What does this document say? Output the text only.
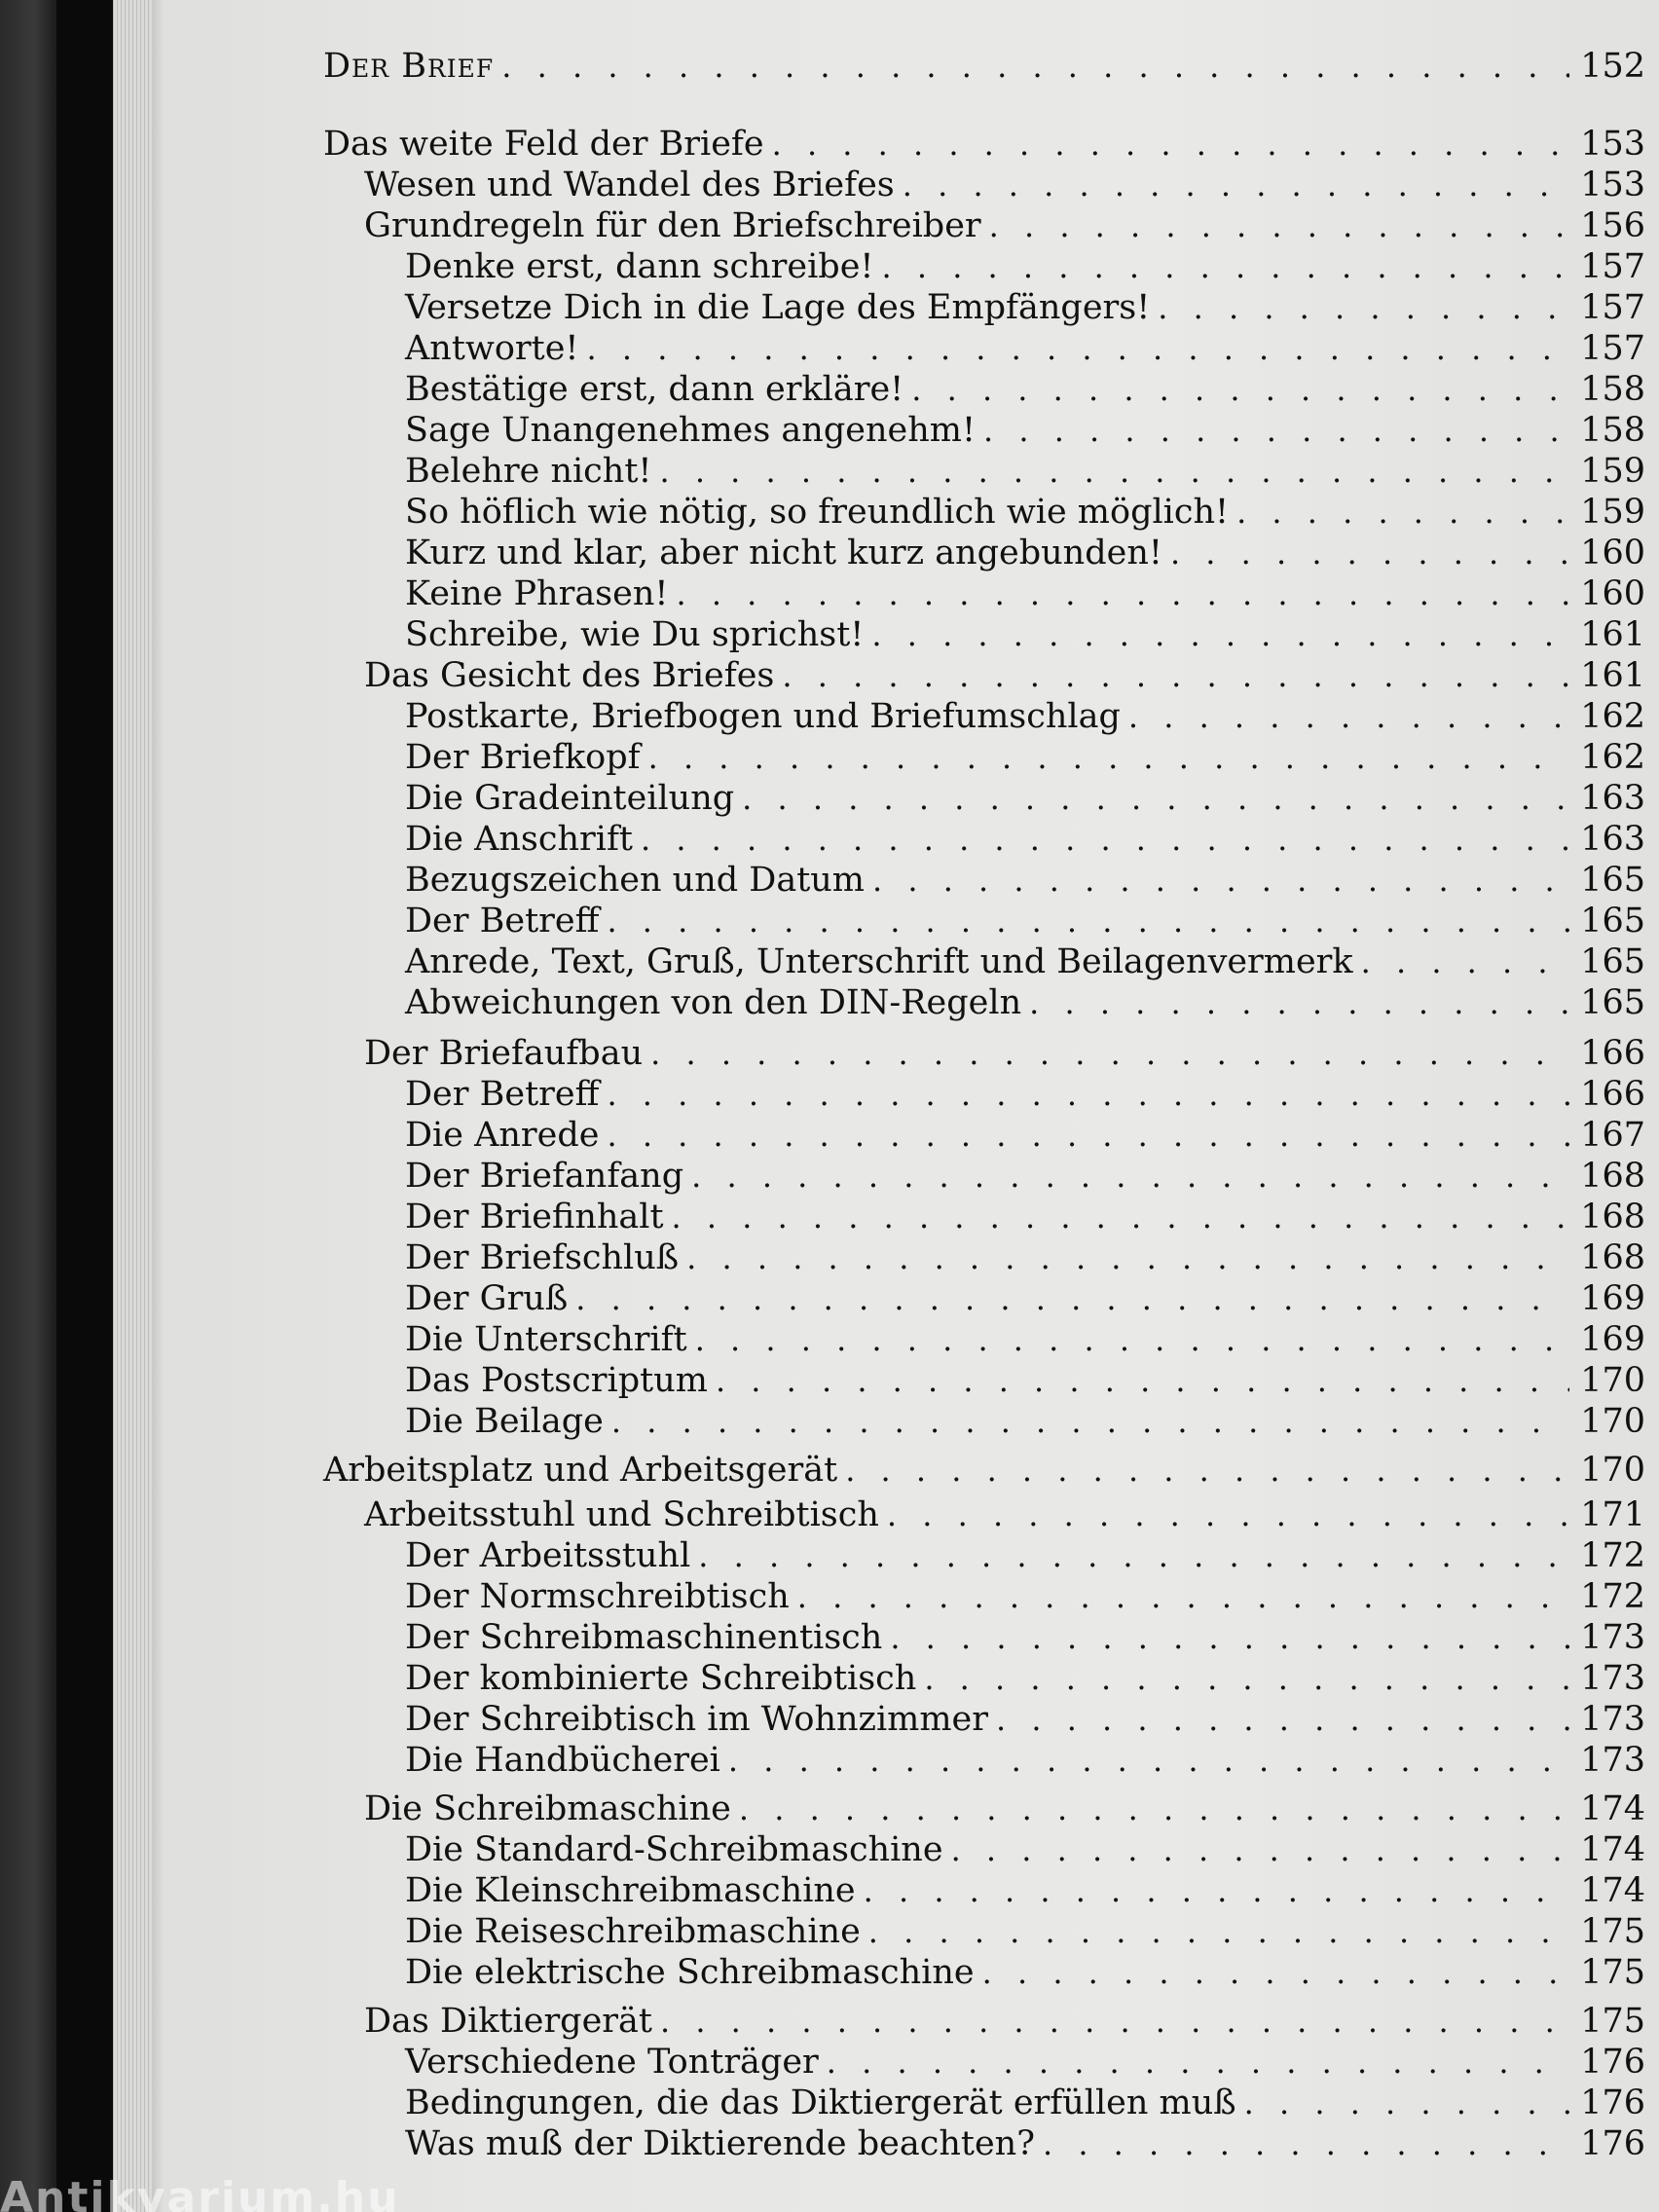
Der Brief . . .	152
Das weite Feld der Briefe . . .	153
Wesen und Wandel des Briefes . . .	153
Grundregeln für den Briefschreiber . . .	156
Denke erst, dann schreibe! . . .	157
Versetze Dich in die Lage des Empfängers! . . .	157
Antworte! . . .	157
Bestätige erst, dann erkläre! . . .	158
Sage Unangenehmes angenehm! . . .	158
Belehre nicht! . . .	159
So höflich wie nötig, so freundlich wie möglich! . . .	159
Kurz und klar, aber nicht kurz angebunden! . . .	160
Keine Phrasen! . . .	160
Schreibe, wie Du sprichst! . . .	161
Das Gesicht des Briefes . . .	161
Postkarte, Briefbogen und Briefumschlag . . .	162
Der Briefkopf . . .	162
Die Gradeinteilung . . .	163
Die Anschrift . . .	163
Bezugszeichen und Datum . . .	165
Der Betreff . . .	165
Anrede, Text, Gruß, Unterschrift und Beilagenvermerk . . .	165
Abweichungen von den DIN-Regeln . . .	165
Der Briefaufbau . . .	166
Der Betreff . . .	166
Die Anrede . . .	167
Der Briefanfang . . .	168
Der Briefinhalt . . .	168
Der Briefschluß . . .	168
Der Gruß . . .	169
Die Unterschrift . . .	169
Das Postscriptum . . .	170
Die Beilage . . .	170
Arbeitsplatz und Arbeitsgerät . . .	170
Arbeitsstuhl und Schreibtisch . . .	171
Der Arbeitsstuhl . . .	172
Der Normschreibtisch . . .	172
Der Schreibmaschinentisch . . .	173
Der kombinierte Schreibtisch . . .	173
Der Schreibtisch im Wohnzimmer . . .	173
Die Handbücherei . . .	173
Die Schreibmaschine . . .	174
Die Standard-Schreibmaschine . . .	174
Die Kleinschreibmaschine . . .	174
Die Reiseschreibmaschine . . .	175
Die elektrische Schreibmaschine . . .	175
Das Diktiergerät . . .	175
Verschiedene Tonträger . . .	176
Bedingungen, die das Diktiergerät erfüllen muß . . .	176
Was muß der Diktierende beachten? . . .	176
Antikvarium.hu
